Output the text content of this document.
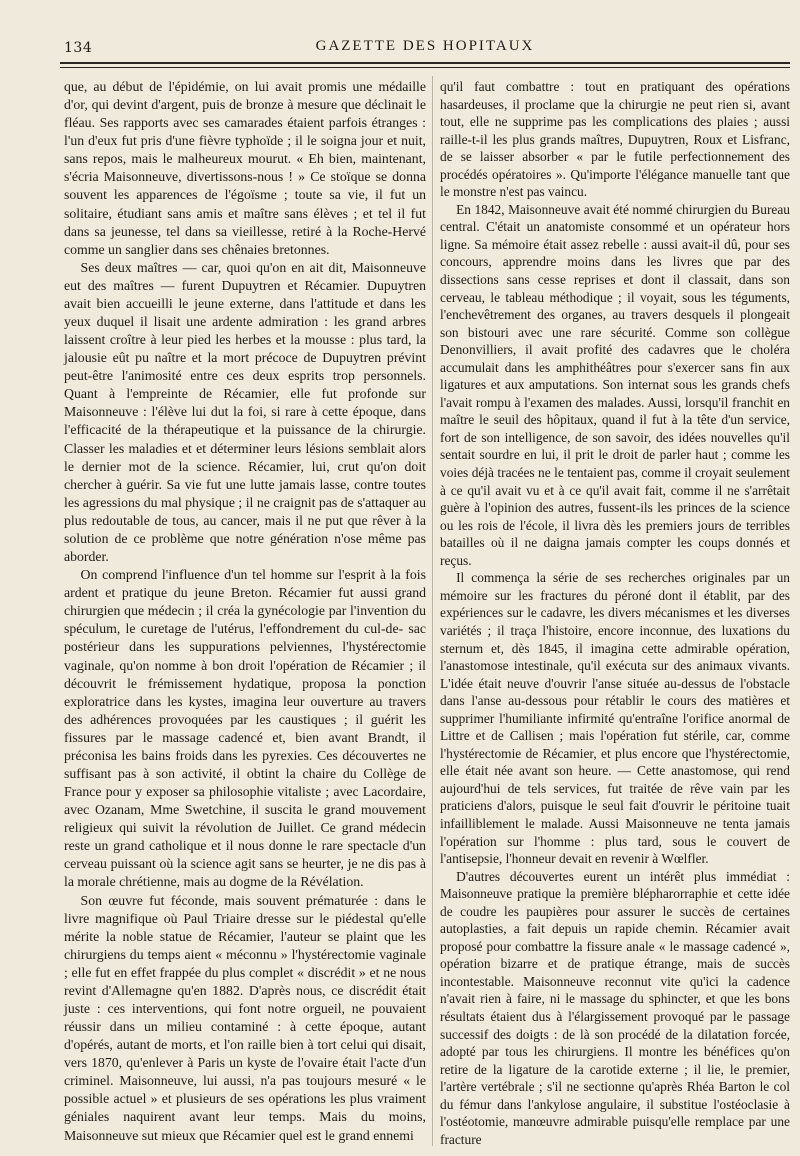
134	GAZETTE DES HOPITAUX

que, au début de l'épidémie, on lui avait promis une médaille d'or, qui devint d'argent, puis de bronze à mesure que déclinait le fléau. Ses rapports avec ses camarades étaient parfois étranges : l'un d'eux fut pris d'une fièvre typhoïde ; il le soigna jour et nuit, sans repos, mais le malheureux mourut. « Eh bien, maintenant, s'écria Maisonneuve, divertissons-nous ! » Ce stoïque se donna souvent les apparences de l'égoïsme ; toute sa vie, il fut un solitaire, étudiant sans amis et maître sans élèves ; et tel il fut dans sa jeunesse, tel dans sa vieillesse, retiré à la Roche-Hervé comme un sanglier dans ses chênaies bretonnes.

Ses deux maîtres — car, quoi qu'on en ait dit, Maisonneuve eut des maîtres — furent Dupuytren et Récamier. Dupuytren avait bien accueilli le jeune externe, dans l'attitude et dans les yeux duquel il lisait une ardente admiration : les grand arbres laissent croître à leur pied les herbes et la mousse : plus tard, la jalousie eût pu naître et la mort précoce de Dupuytren prévint peut-être l'animosité entre ces deux esprits trop personnels. Quant à l'empreinte de Récamier, elle fut profonde sur Maisonneuve : l'élève lui dut la foi, si rare à cette époque, dans l'efficacité de la thérapeutique et la puissance de la chirurgie. Classer les maladies et et déterminer leurs lésions semblait alors le dernier mot de la science. Récamier, lui, crut qu'on doit chercher à guérir. Sa vie fut une lutte jamais lasse, contre toutes les agressions du mal physique ; il ne craignit pas de s'attaquer au plus redoutable de tous, au cancer, mais il ne put que rêver à la solution de ce problème que notre génération n'ose même pas aborder.

On comprend l'influence d'un tel homme sur l'esprit à la fois ardent et pratique du jeune Breton. Récamier fut aussi grand chirurgien que médecin ; il créa la gynécologie par l'invention du spéculum, le curetage de l'utérus, l'effondrement du cul-de- sac postérieur dans les suppurations pelviennes, l'hystérectomie vaginale, qu'on nomme à bon droit l'opération de Récamier ; il découvrit le frémissement hydatique, proposa la ponction exploratrice dans les kystes, imagina leur ouverture au travers des adhérences provoquées par les caustiques ; il guérit les fissures par le massage cadencé et, bien avant Brandt, il préconisa les bains froids dans les pyrexies. Ces découvertes ne suffisant pas à son activité, il obtint la chaire du Collège de France pour y exposer sa philosophie vitaliste ; avec Lacordaire, avec Ozanam, Mme Swetchine, il suscita le grand mouvement religieux qui suivit la révolution de Juillet. Ce grand médecin reste un grand catholique et il nous donne le rare spectacle d'un cerveau puissant où la science agit sans se heurter, je ne dis pas à la morale chrétienne, mais au dogme de la Révélation.

Son œuvre fut féconde, mais souvent prématurée : dans le livre magnifique où Paul Triaire dresse sur le piédestal qu'elle mérite la noble statue de Récamier, l'auteur se plaint que les chirurgiens du temps aient « méconnu » l'hystérectomie vaginale ; elle fut en effet frappée du plus complet « discrédit » et ne nous revint d'Allemagne qu'en 1882. D'après nous, ce discrédit était juste : ces interventions, qui font notre orgueil, ne pouvaient réussir dans un milieu contaminé : à cette époque, autant d'opérés, autant de morts, et l'on raille bien à tort celui qui disait, vers 1870, qu'enlever à Paris un kyste de l'ovaire était l'acte d'un criminel. Maisonneuve, lui aussi, n'a pas toujours mesuré « le possible actuel » et plusieurs de ses opérations les plus vraiment géniales naquirent avant leur temps. Mais du moins, Maisonneuve sut mieux que Récamier quel est le grand ennemi

qu'il faut combattre : tout en pratiquant des opérations hasardeuses, il proclame que la chirurgie ne peut rien si, avant tout, elle ne supprime pas les complications des plaies ; aussi raille-t-il les plus grands maîtres, Dupuytren, Roux et Lisfranc, de se laisser absorber « par le futile perfectionnement des procédés opératoires ». Qu'importe l'élégance manuelle tant que le monstre n'est pas vaincu.

En 1842, Maisonneuve avait été nommé chirurgien du Bureau central. C'était un anatomiste consommé et un opérateur hors ligne. Sa mémoire était assez rebelle : aussi avait-il dû, pour ses concours, apprendre moins dans les livres que par des dissections sans cesse reprises et dont il classait, dans son cerveau, le tableau méthodique ; il voyait, sous les téguments, l'enchevêtrement des organes, au travers desquels il plongeait son bistouri avec une rare sécurité. Comme son collègue Denonvilliers, il avait profité des cadavres que le choléra accumulait dans les amphithéâtres pour s'exercer sans fin aux ligatures et aux amputations. Son internat sous les grands chefs l'avait rompu à l'examen des malades. Aussi, lorsqu'il franchit en maître le seuil des hôpitaux, quand il fut à la tête d'un service, fort de son intelligence, de son savoir, des idées nouvelles qu'il sentait sourdre en lui, il prit le droit de parler haut ; comme les voies déjà tracées ne le tentaient pas, comme il croyait seulement à ce qu'il avait vu et à ce qu'il avait fait, comme il ne s'arrêtait guère à l'opinion des autres, fussent-ils les princes de la science ou les rois de l'école, il livra dès les premiers jours de terribles batailles où il ne daigna jamais compter les coups donnés et reçus.

Il commença la série de ses recherches originales par un mémoire sur les fractures du péroné dont il établit, par des expériences sur le cadavre, les divers mécanismes et les diverses variétés ; il traça l'histoire, encore inconnue, des luxations du sternum et, dès 1845, il imagina cette admirable opération, l'anastomose intestinale, qu'il exécuta sur des animaux vivants. L'idée était neuve d'ouvrir l'anse située au-dessus de l'obstacle dans l'anse au-dessous pour rétablir le cours des matières et supprimer l'humiliante infirmité qu'entraîne l'orifice anormal de Littre et de Callisen ; mais l'opération fut stérile, car, comme l'hystérectomie de Récamier, et plus encore que l'hystérectomie, elle était née avant son heure. — Cette anastomose, qui rend aujourd'hui de tels services, fut traitée de rêve vain par les praticiens d'alors, puisque le seul fait d'ouvrir le péritoine tuait infailliblement le malade. Aussi Maisonneuve ne tenta jamais l'opération sur l'homme : plus tard, sous le couvert de l'antisepsie, l'honneur devait en revenir à Wœlfler.

D'autres découvertes eurent un intérêt plus immédiat : Maisonneuve pratique la première blépharorraphie et cette idée de coudre les paupières pour assurer le succès de certaines autoplasties, a fait depuis un rapide chemin. Récamier avait proposé pour combattre la fissure anale « le massage cadencé », opération bizarre et de pratique étrange, mais de succès incontestable. Maisonneuve reconnut vite qu'ici la cadence n'avait rien à faire, ni le massage du sphincter, et que les bons résultats étaient dus à l'élargissement provoqué par le passage successif des doigts : de là son procédé de la dilatation forcée, adopté par tous les chirurgiens. Il montre les bénéfices qu'on retire de la ligature de la carotide externe ; il lie, le premier, l'artère vertébrale ; s'il ne sectionne qu'après Rhéa Barton le col du fémur dans l'ankylose angulaire, il substitue l'ostéoclasie à l'ostéotomie, manœuvre admirable puisqu'elle remplace par une fracture
